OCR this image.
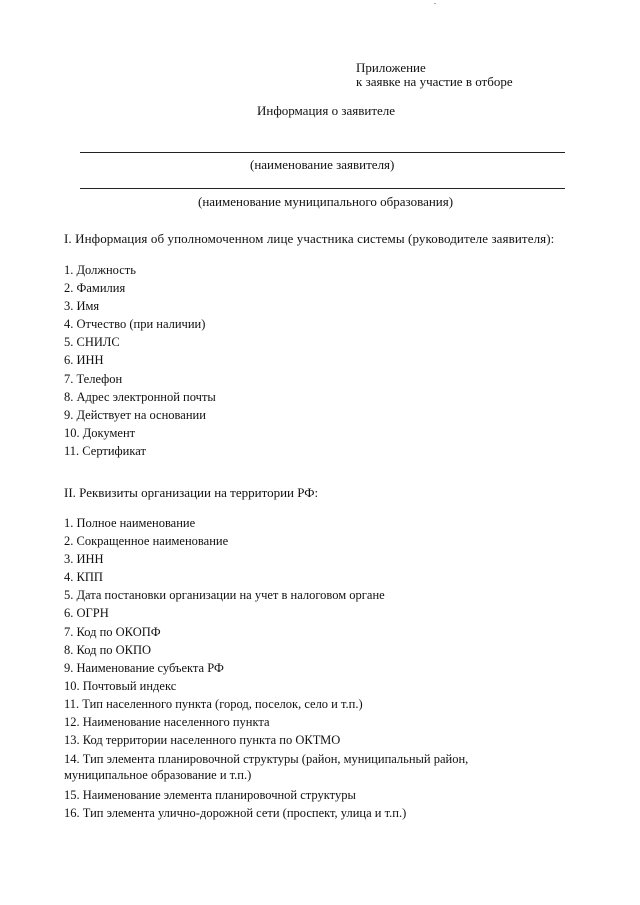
Приложение
к заявке на участие в отборе
Информация о заявителе
(наименование заявителя)
(наименование муниципального образования)
I. Информация об уполномоченном лице участника системы (руководителе заявителя):
1. Должность
2. Фамилия
3. Имя
4. Отчество (при наличии)
5. СНИЛС
6. ИНН
7. Телефон
8. Адрес электронной почты
9. Действует на основании
10. Документ
11. Сертификат
II. Реквизиты организации на территории РФ:
1. Полное наименование
2. Сокращенное наименование
3. ИНН
4. КПП
5. Дата постановки организации на учет в налоговом органе
6. ОГРН
7. Код по ОКОПФ
8. Код по ОКПО
9. Наименование субъекта РФ
10. Почтовый индекс
11. Тип населенного пункта (город, поселок, село и т.п.)
12. Наименование населенного пункта
13. Код территории населенного пункта по ОКТМО
14. Тип элемента планировочной структуры (район, муниципальный район,
муниципальное образование и т.п.)
15. Наименование элемента планировочной структуры
16. Тип элемента улично-дорожной сети (проспект, улица и т.п.)
